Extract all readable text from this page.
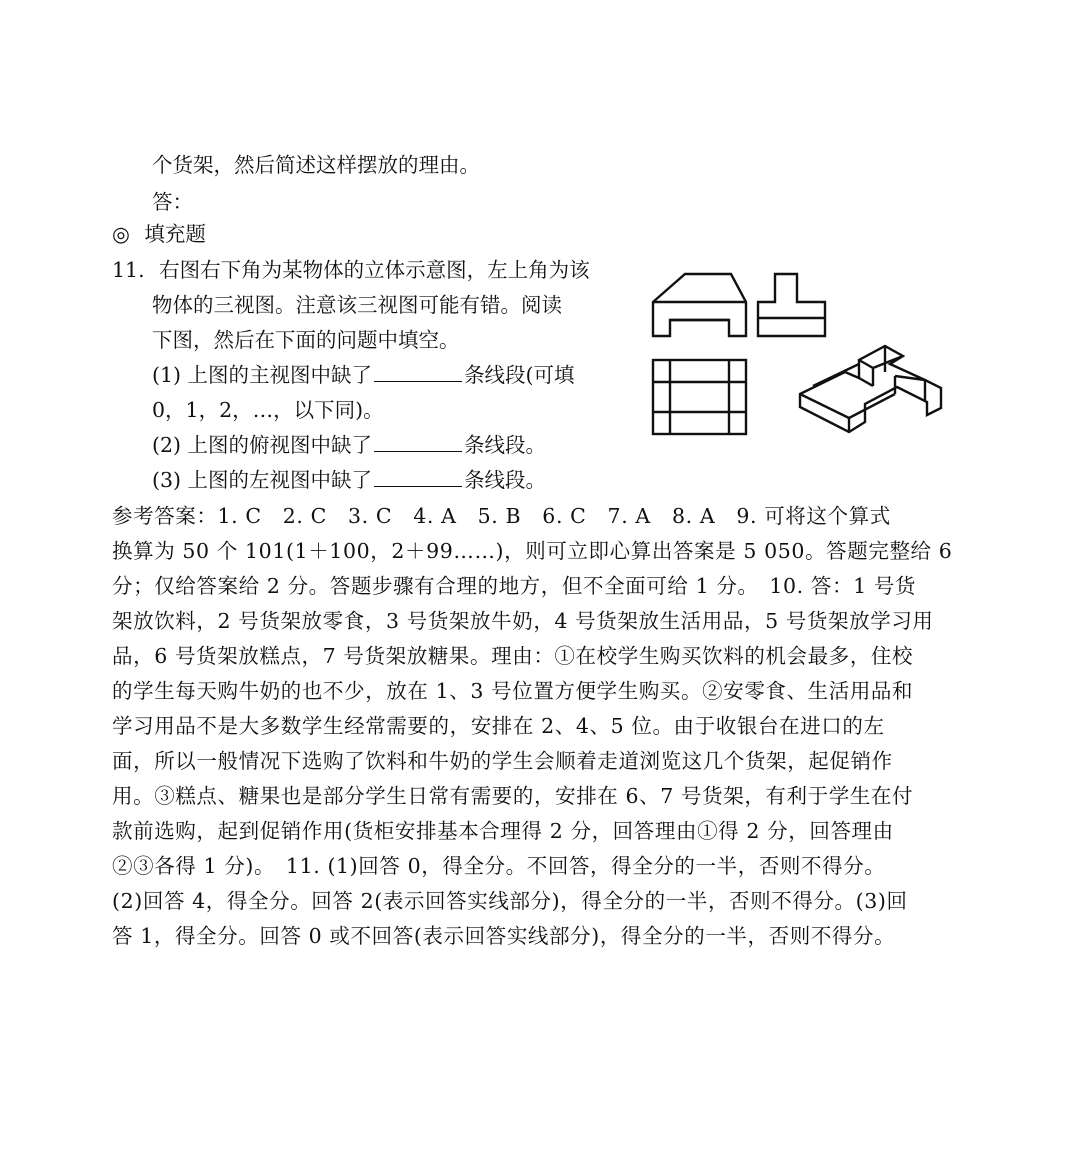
个货架，然后简述这样摆放的理由。
答：
◎ 填充题
11. 右图右下角为某物体的立体示意图，左上角为该
物体的三视图。注意该三视图可能有错。阅读
下图，然后在下面的问题中填空。
(1) 上图的主视图中缺了	条线段(可填
0，1，2，…，以下同)。
(2) 上图的俯视图中缺了	条线段。
(3) 上图的左视图中缺了	条线段。
参考答案：1. C　2. C　3. C　4. A　5. B　6. C　7. A　8. A　9. 可将这个算式
换算为 50 个 101(1＋100，2＋99……)，则可立即心算出答案是 5 050。答题完整给 6
分；仅给答案给 2 分。答题步骤有合理的地方，但不全面可给 1 分。　10. 答：1 号货
架放饮料，2 号货架放零食，3 号货架放牛奶，4 号货架放生活用品，5 号货架放学习用
品，6 号货架放糕点，7 号货架放糖果。理由：①在校学生购买饮料的机会最多，住校
的学生每天购牛奶的也不少，放在 1、3 号位置方便学生购买。②安零食、生活用品和
学习用品不是大多数学生经常需要的，安排在 2、4、5 位。由于收银台在进口的左
面，所以一般情况下选购了饮料和牛奶的学生会顺着走道浏览这几个货架，起促销作
用。③糕点、糖果也是部分学生日常有需要的，安排在 6、7 号货架，有利于学生在付
款前选购，起到促销作用(货柜安排基本合理得 2 分，回答理由①得 2 分，回答理由
②③各得 1 分)。　11. (1)回答 0，得全分。不回答，得全分的一半，否则不得分。
(2)回答 4，得全分。回答 2(表示回答实线部分)，得全分的一半，否则不得分。(3)回
答 1，得全分。回答 0 或不回答(表示回答实线部分)，得全分的一半，否则不得分。
